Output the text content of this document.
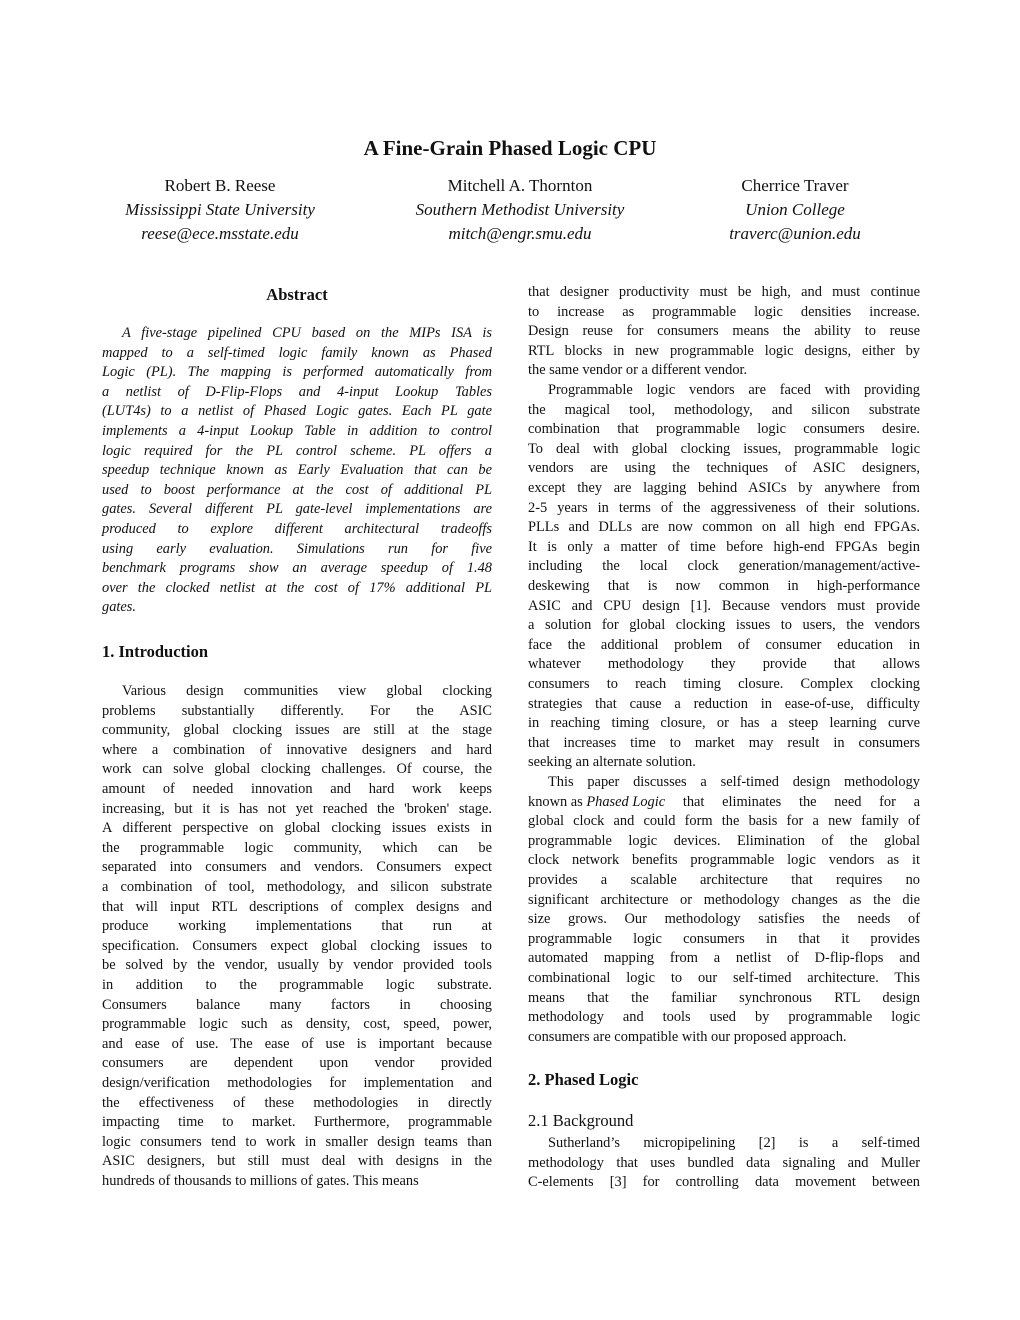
A Fine-Grain Phased Logic CPU
Robert B. Reese
Mississippi State University
reese@ece.msstate.edu
Mitchell A. Thornton
Southern Methodist University
mitch@engr.smu.edu
Cherrice Traver
Union College
traverc@union.edu
Abstract
A five-stage pipelined CPU based on the MIPs ISA is
mapped to a self-timed logic family known as Phased
Logic (PL). The mapping is performed automatically from
a netlist of D-Flip-Flops and 4-input Lookup Tables
(LUT4s) to a netlist of Phased Logic gates. Each PL gate
implements a 4-input Lookup Table in addition to control
logic required for the PL control scheme. PL offers a
speedup technique known as Early Evaluation that can be
used to boost performance at the cost of additional PL
gates. Several different PL gate-level implementations are
produced to explore different architectural tradeoffs
using early evaluation. Simulations run for five
benchmark programs show an average speedup of 1.48
over the clocked netlist at the cost of 17% additional PL
gates.
1. Introduction
Various design communities view global clocking
problems substantially differently. For the ASIC
community, global clocking issues are still at the stage
where a combination of innovative designers and hard
work can solve global clocking challenges. Of course, the
amount of needed innovation and hard work keeps
increasing, but it is has not yet reached the 'broken' stage.
A different perspective on global clocking issues exists in
the programmable logic community, which can be
separated into consumers and vendors. Consumers expect
a combination of tool, methodology, and silicon substrate
that will input RTL descriptions of complex designs and
produce working implementations that run at
specification. Consumers expect global clocking issues to
be solved by the vendor, usually by vendor provided tools
in addition to the programmable logic substrate.
Consumers balance many factors in choosing
programmable logic such as density, cost, speed, power,
and ease of use. The ease of use is important because
consumers are dependent upon vendor provided
design/verification methodologies for implementation and
the effectiveness of these methodologies in directly
impacting time to market. Furthermore, programmable
logic consumers tend to work in smaller design teams than
ASIC designers, but still must deal with designs in the
hundreds of thousands to millions of gates. This means
that designer productivity must be high, and must continue
to increase as programmable logic densities increase.
Design reuse for consumers means the ability to reuse
RTL blocks in new programmable logic designs, either by
the same vendor or a different vendor.
Programmable logic vendors are faced with providing
the magical tool, methodology, and silicon substrate
combination that programmable logic consumers desire.
To deal with global clocking issues, programmable logic
vendors are using the techniques of ASIC designers,
except they are lagging behind ASICs by anywhere from
2-5 years in terms of the aggressiveness of their solutions.
PLLs and DLLs are now common on all high end FPGAs.
It is only a matter of time before high-end FPGAs begin
including the local clock generation/management/active-
deskewing that is now common in high-performance
ASIC and CPU design [1]. Because vendors must provide
a solution for global clocking issues to users, the vendors
face the additional problem of consumer education in
whatever methodology they provide that allows
consumers to reach timing closure. Complex clocking
strategies that cause a reduction in ease-of-use, difficulty
in reaching timing closure, or has a steep learning curve
that increases time to market may result in consumers
seeking an alternate solution.
This paper discusses a self-timed design methodology
known as Phased Logic that eliminates the need for a
global clock and could form the basis for a new family of
programmable logic devices. Elimination of the global
clock network benefits programmable logic vendors as it
provides a scalable architecture that requires no
significant architecture or methodology changes as the die
size grows. Our methodology satisfies the needs of
programmable logic consumers in that it provides
automated mapping from a netlist of D-flip-flops and
combinational logic to our self-timed architecture. This
means that the familiar synchronous RTL design
methodology and tools used by programmable logic
consumers are compatible with our proposed approach.
2. Phased Logic
2.1 Background
Sutherland’s micropipelining [2] is a self-timed
methodology that uses bundled data signaling and Muller
C-elements [3] for controlling data movement between
